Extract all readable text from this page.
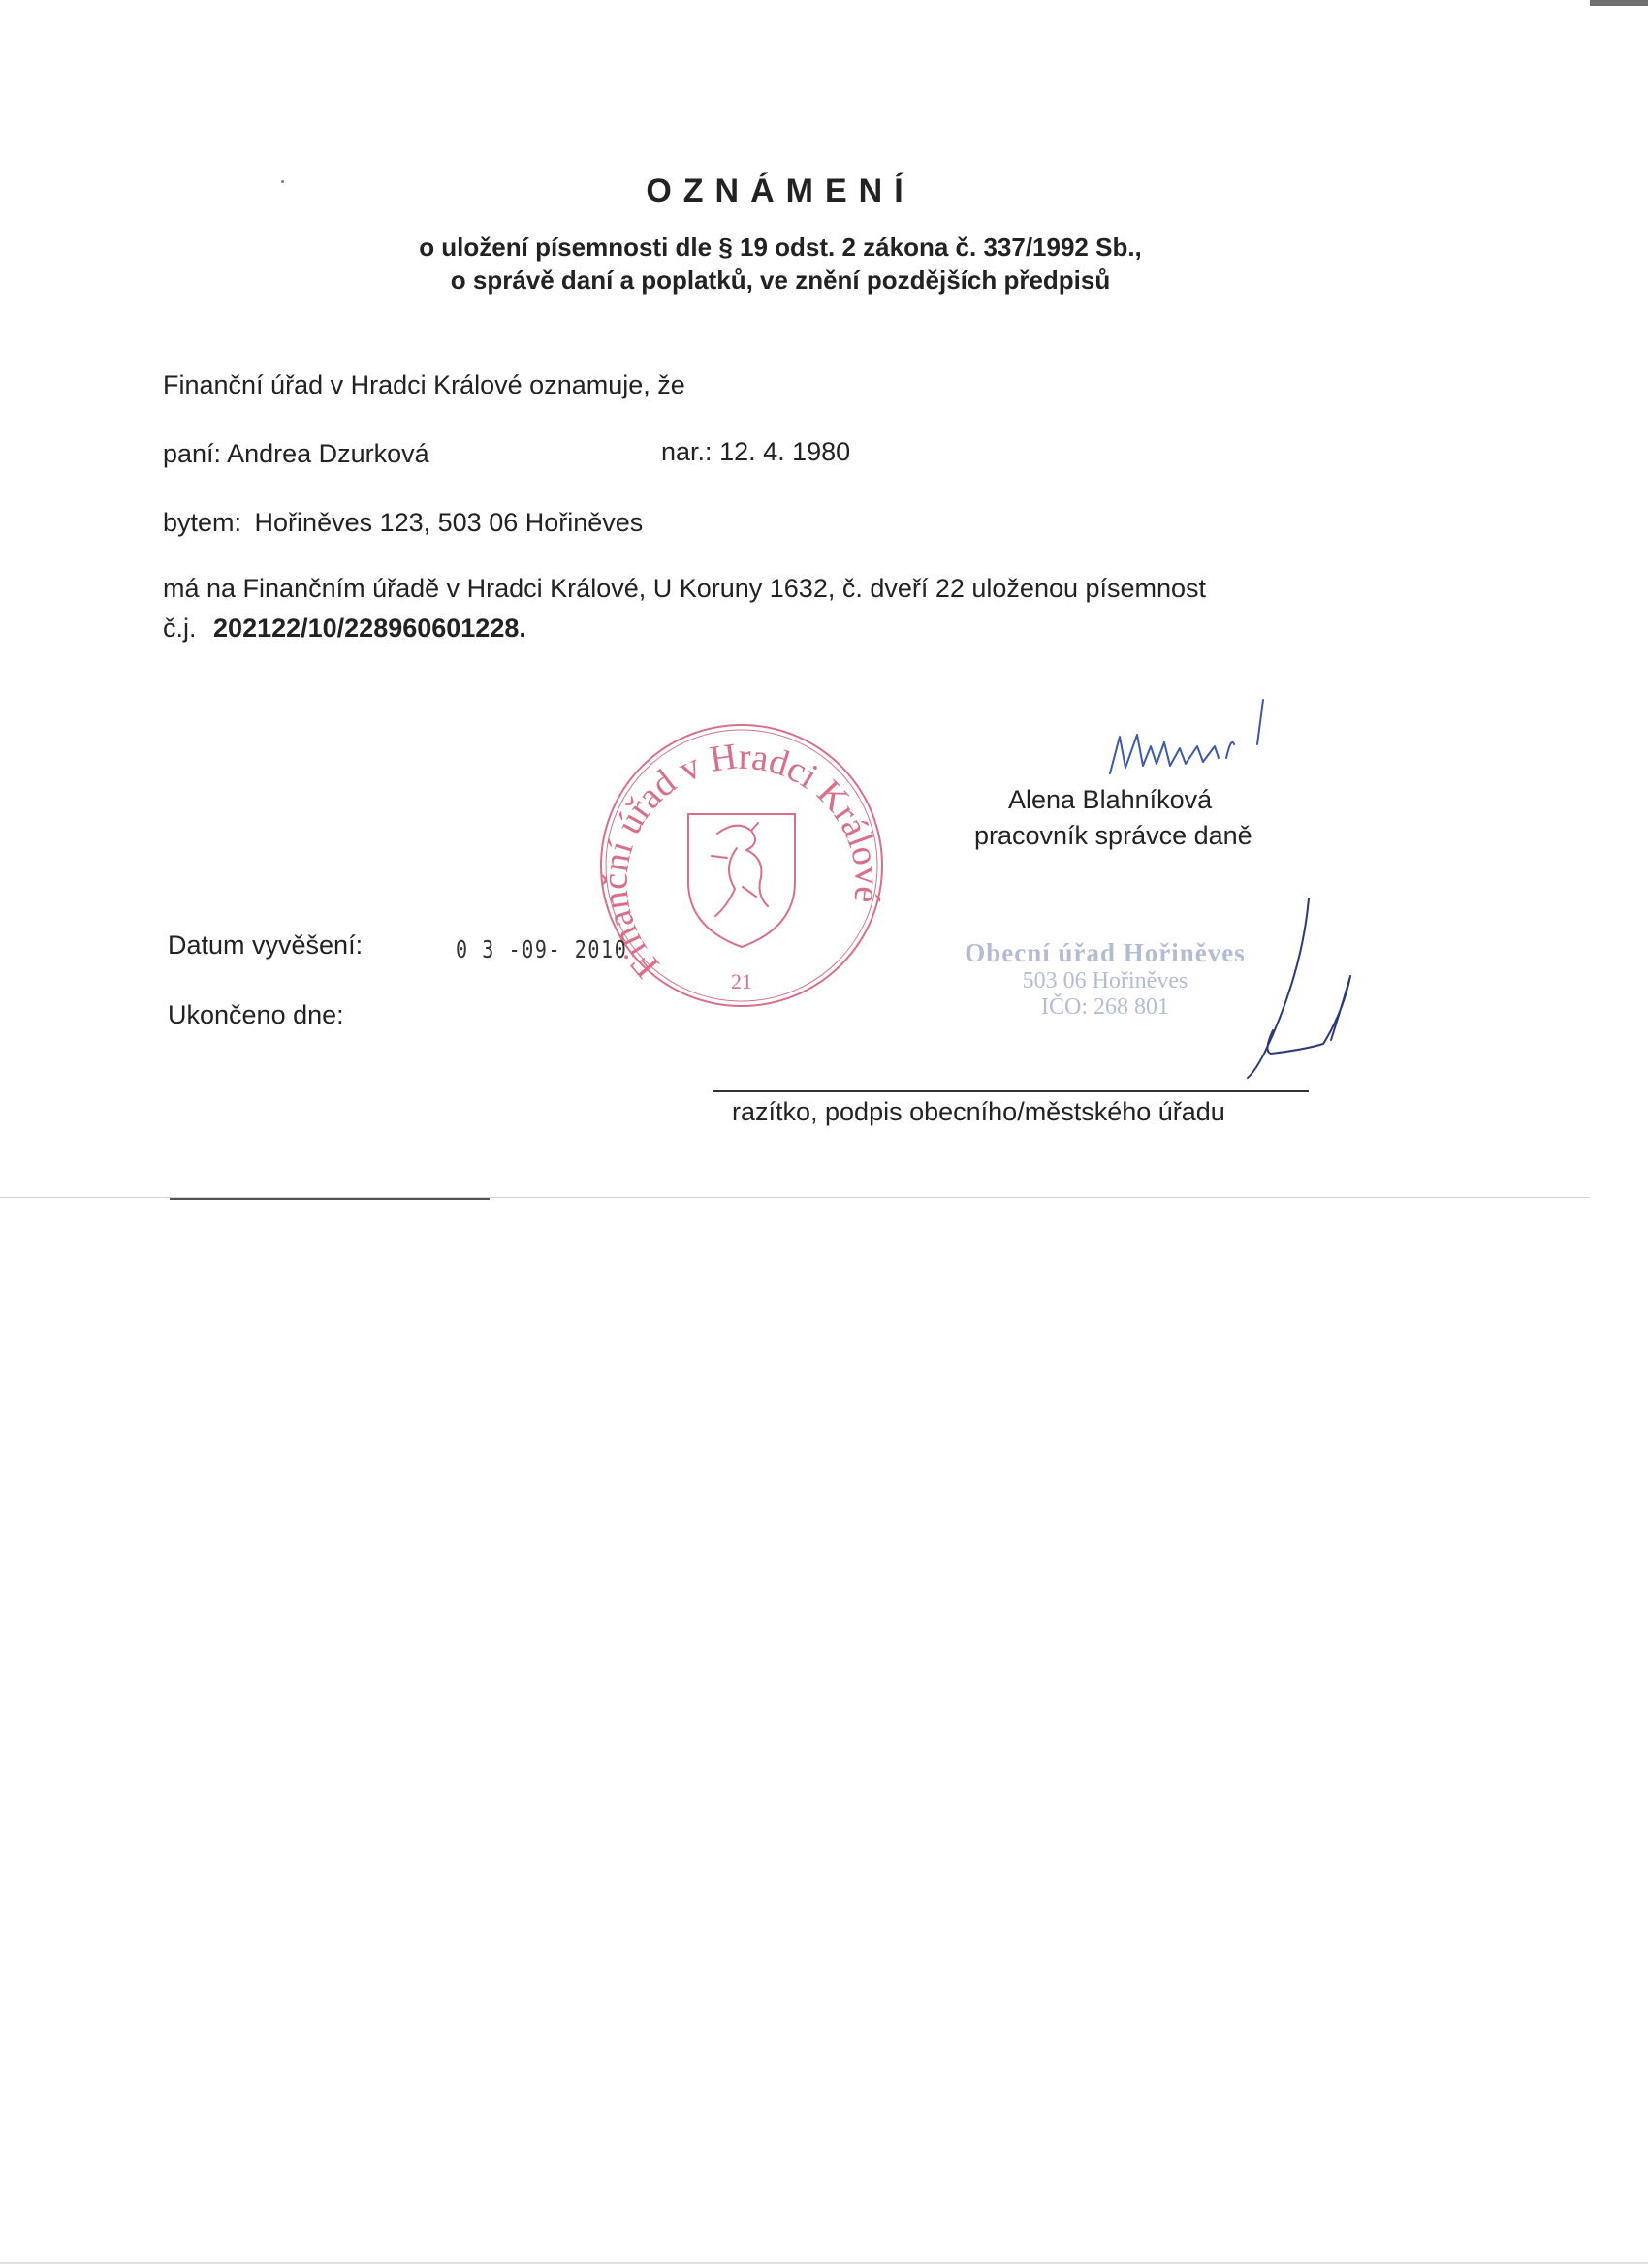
OZNÁMENÍ
o uložení písemnosti dle § 19 odst. 2 zákona č. 337/1992 Sb.,
o správě daní a poplatků, ve znění pozdějších předpisů
Finanční úřad v Hradci Králové oznamuje, že
paní: Andrea Dzurková	nar.: 12. 4. 1980
bytem: Hořiněves 123, 503 06 Hořiněves
má na Finančním úřadě v Hradci Králové, U Koruny 1632, č. dveří 22 uloženou písemnost
č.j. 202122/10/228960601228.
Alena Blahníková
pracovník správce daně
Finanční úřad v Hradci Králové
21
Datum vyvěšení:	0 3 -09- 2010
Ukončeno dne:
Obecní úřad Hořiněves
503 06 Hořiněves
IČO: 268 801
razítko, podpis obecního/městského úřadu
